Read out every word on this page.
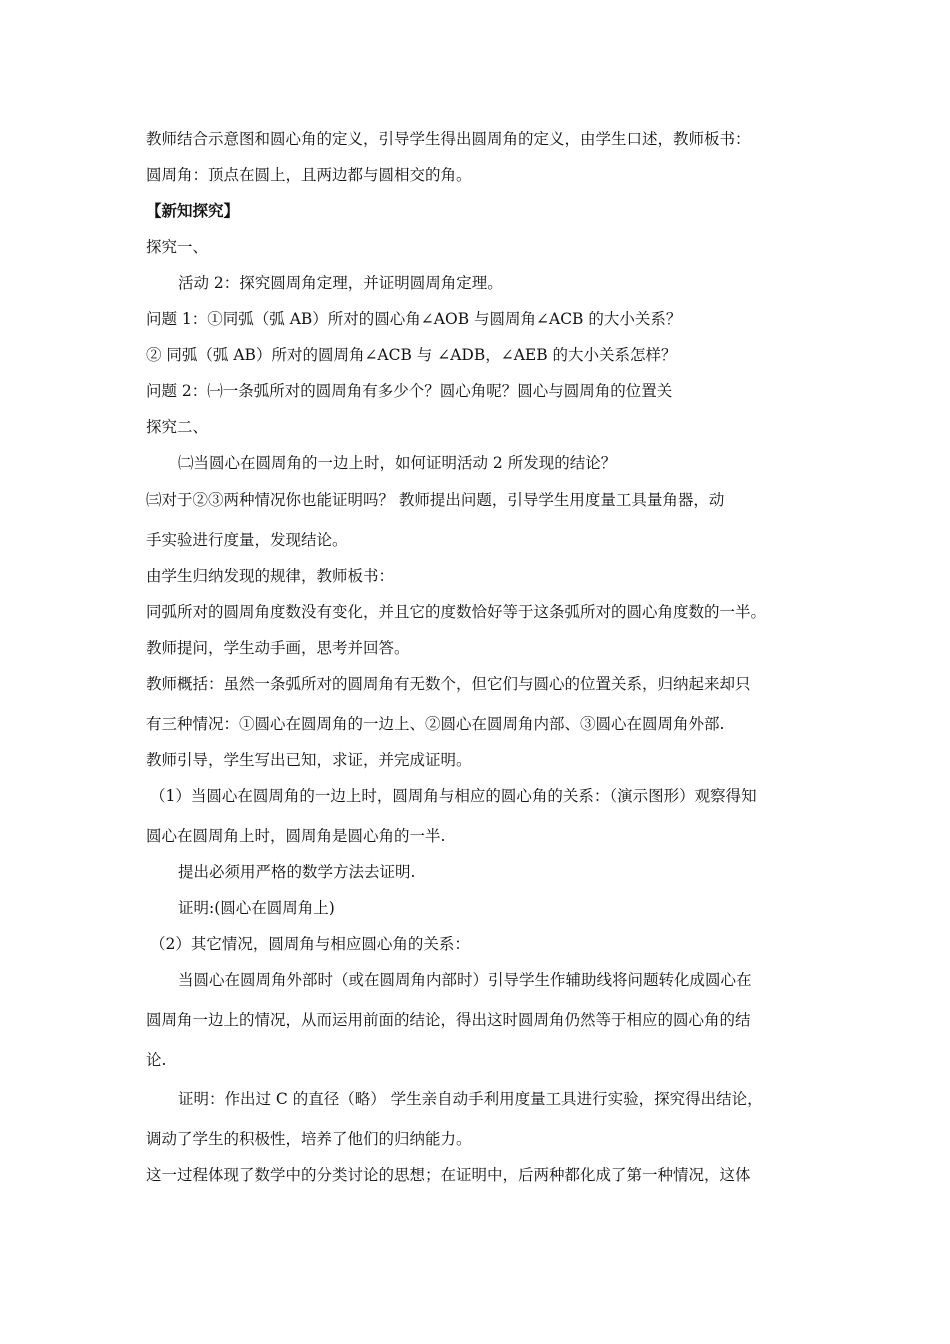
教师结合示意图和圆心角的定义，引导学生得出圆周角的定义，由学生口述，教师板书：
圆周角：顶点在圆上，且两边都与圆相交的角。
【新知探究】
探究一、
活动 2：探究圆周角定理，并证明圆周角定理。
问题 1：①同弧（弧 AB）所对的圆心角∠AOB 与圆周角∠ACB 的大小关系？
② 同弧（弧 AB）所对的圆周角∠ACB 与 ∠ADB，∠AEB 的大小关系怎样？
问题 2：㈠一条弧所对的圆周角有多少个？圆心角呢？圆心与圆周角的位置关
探究二、
㈡当圆心在圆周角的一边上时，如何证明活动 2 所发现的结论？
㈢对于②③两种情况你也能证明吗？ 教师提出问题，引导学生用度量工具量角器，动
手实验进行度量，发现结论。
由学生归纳发现的规律，教师板书：
同弧所对的圆周角度数没有变化，并且它的度数恰好等于这条弧所对的圆心角度数的一半。
教师提问，学生动手画，思考并回答。
教师概括：虽然一条弧所对的圆周角有无数个，但它们与圆心的位置关系，归纳起来却只
有三种情况：①圆心在圆周角的一边上、②圆心在圆周角内部、③圆心在圆周角外部.
教师引导，学生写出已知，求证，并完成证明。
（1）当圆心在圆周角的一边上时，圆周角与相应的圆心角的关系：（演示图形）观察得知
圆心在圆周角上时，圆周角是圆心角的一半.
提出必须用严格的数学方法去证明.
证明:(圆心在圆周角上)
（2）其它情况，圆周角与相应圆心角的关系：
当圆心在圆周角外部时（或在圆周角内部时）引导学生作辅助线将问题转化成圆心在
圆周角一边上的情况，从而运用前面的结论，得出这时圆周角仍然等于相应的圆心角的结
论.
证明：作出过 C 的直径（略） 学生亲自动手利用度量工具进行实验，探究得出结论，
调动了学生的积极性，培养了他们的归纳能力。
这一过程体现了数学中的分类讨论的思想；在证明中，后两种都化成了第一种情况，这体
